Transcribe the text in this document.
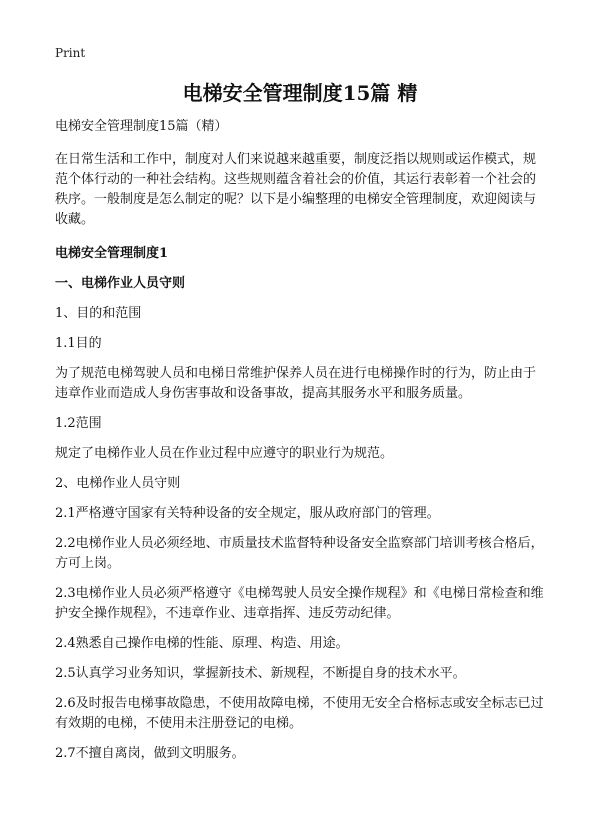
Print
电梯安全管理制度15篇 精

电梯安全管理制度15篇（精）

在日常生活和工作中，制度对人们来说越来越重要，制度泛指以规则或运作模式，规范个体行动的一种社会结构。这些规则蕴含着社会的价值，其运行表彰着一个社会的秩序。一般制度是怎么制定的呢？以下是小编整理的电梯安全管理制度，欢迎阅读与收藏。

电梯安全管理制度1

一、电梯作业人员守则

1、目的和范围

1.1目的

为了规范电梯驾驶人员和电梯日常维护保养人员在进行电梯操作时的行为，防止由于违章作业而造成人身伤害事故和设备事故，提高其服务水平和服务质量。

1.2范围

规定了电梯作业人员在作业过程中应遵守的职业行为规范。

2、电梯作业人员守则

2.1严格遵守国家有关特种设备的安全规定，服从政府部门的管理。

2.2电梯作业人员必须经地、市质量技术监督特种设备安全监察部门培训考核合格后，方可上岗。

2.3电梯作业人员必须严格遵守《电梯驾驶人员安全操作规程》和《电梯日常检查和维护安全操作规程》，不违章作业、违章指挥、违反劳动纪律。

2.4熟悉自己操作电梯的性能、原理、构造、用途。

2.5认真学习业务知识，掌握新技术、新规程，不断提自身的技术水平。

2.6及时报告电梯事故隐患，不使用故障电梯，不使用无安全合格标志或安全标志已过有效期的电梯，不使用未注册登记的电梯。

2.7不擅自离岗，做到文明服务。
